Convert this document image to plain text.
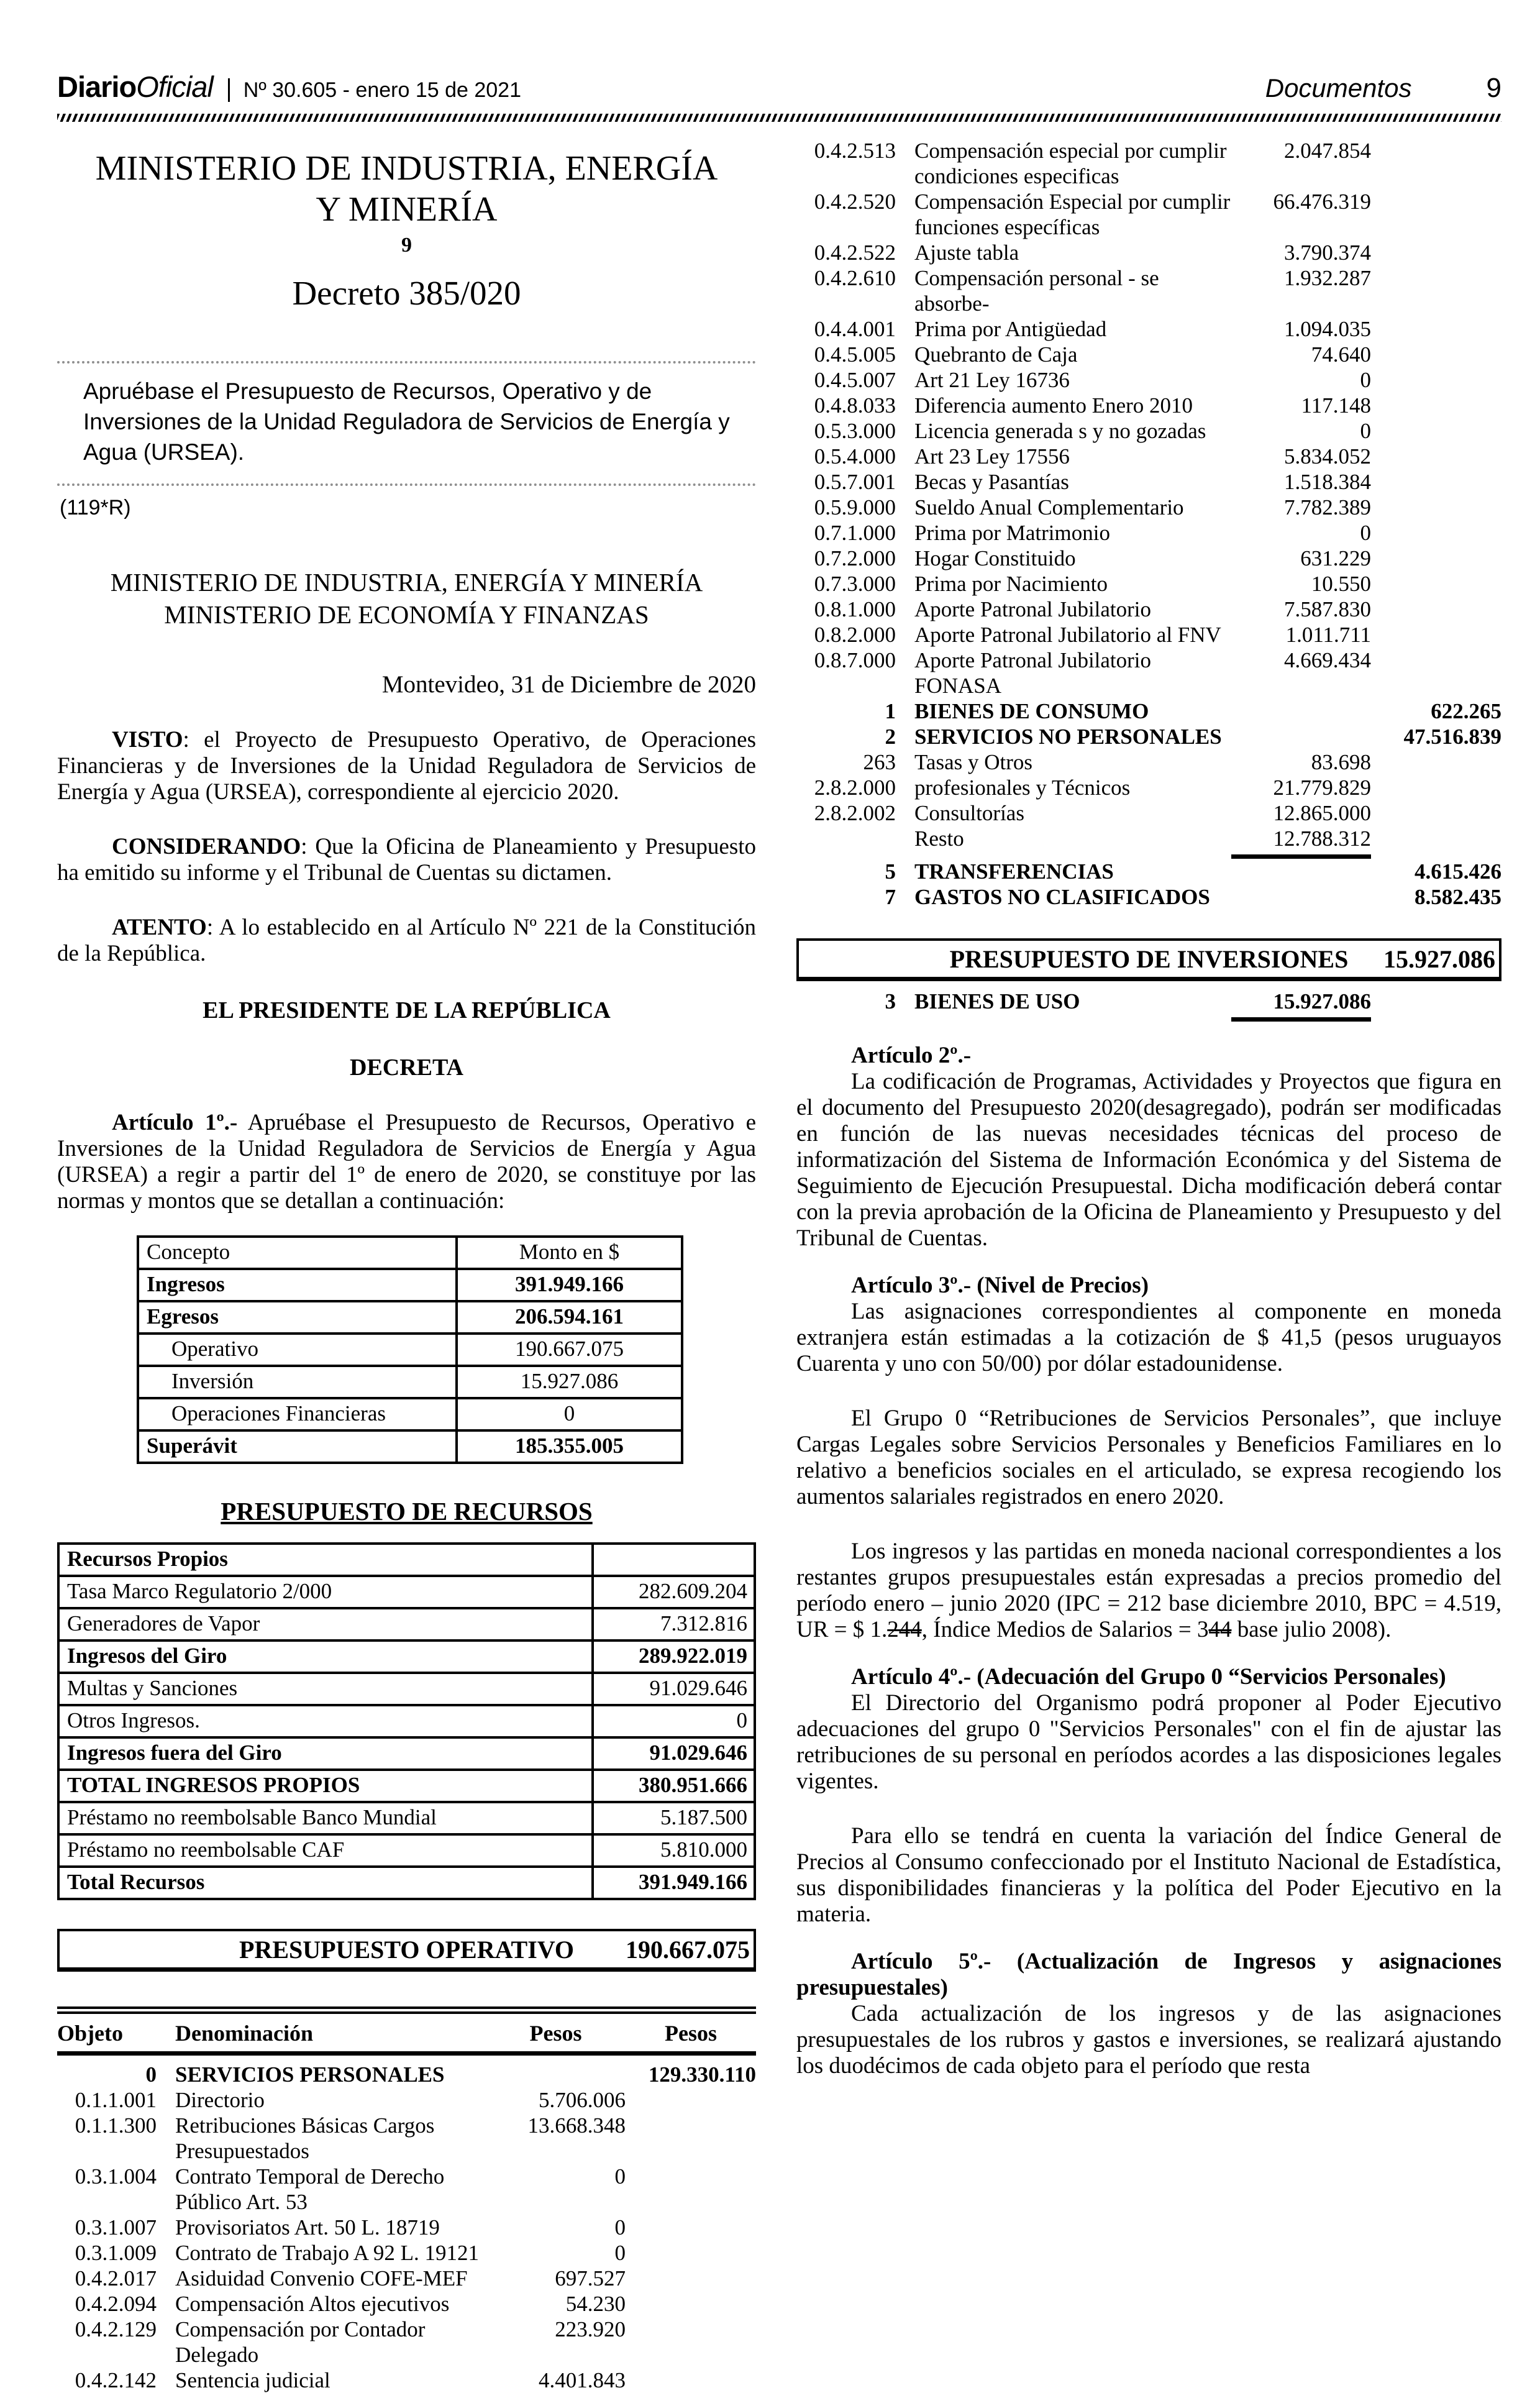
DiarioOficial Nº 30.605 - enero 15 de 2021	Documentos	9
MINISTERIO DE INDUSTRIA, ENERGÍA Y MINERÍA
9
Decreto 385/020
Apruébase el Presupuesto de Recursos, Operativo y de Inversiones de la Unidad Reguladora de Servicios de Energía y Agua (URSEA).
(119*R)
MINISTERIO DE INDUSTRIA, ENERGÍA Y MINERÍA
MINISTERIO DE ECONOMÍA Y FINANZAS
Montevideo, 31 de Diciembre de 2020

VISTO: el Proyecto de Presupuesto Operativo, de Operaciones Financieras y de Inversiones de la Unidad Reguladora de Servicios de Energía y Agua (URSEA), correspondiente al ejercicio 2020.

CONSIDERANDO: Que la Oficina de Planeamiento y Presupuesto ha emitido su informe y el Tribunal de Cuentas su dictamen.

ATENTO: A lo establecido en al Artículo Nº 221 de la Constitución de la República.

EL PRESIDENTE DE LA REPÚBLICA
DECRETA

Artículo 1º.- Apruébase el Presupuesto de Recursos, Operativo e Inversiones de la Unidad Reguladora de Servicios de Energía y Agua (URSEA) a regir a partir del 1º de enero de 2020, se constituye por las normas y montos que se detallan a continuación:

Concepto	Monto en $
Ingresos	391.949.166
Egresos	206.594.161
Operativo	190.667.075
Inversión	15.927.086
Operaciones Financieras	0
Superávit	185.355.005
PRESUPUESTO DE RECURSOS
Recursos Propios	
Tasa Marco Regulatorio 2/000	282.609.204
Generadores de Vapor	7.312.816
Ingresos del Giro	289.922.019
Multas y Sanciones	91.029.646
Otros Ingresos.	0
Ingresos fuera del Giro	91.029.646
TOTAL INGRESOS PROPIOS	380.951.666
Préstamo no reembolsable Banco Mundial	5.187.500
Préstamo no reembolsable CAF	5.810.000
Total Recursos	391.949.166
PRESUPUESTO OPERATIVO	190.667.075
Objeto	Denominación	Pesos	Pesos
0 SERVICIOS PERSONALES	129.330.110
0.1.1.001 Directorio	5.706.006
0.1.1.300 Retribuciones Básicas Cargos Presupuestados
13.668.348
0.3.1.004 Contrato Temporal de Derecho Público Art. 53
0
0.3.1.007 Provisoriatos Art. 50 L. 18719	0
0.3.1.009 Contrato de Trabajo A 92 L. 19121	0
0.4.2.017 Asiduidad Convenio COFE-MEF	697.527
0.4.2.094 Compensación Altos ejecutivos	54.230
0.4.2.129 Compensación por Contador Delegado
223.920
0.4.2.142 Sentencia judicial	4.401.843
0.4.2.513 Compensación especial por cumplir condiciones especificas
2.047.854
0.4.2.520 Compensación Especial por cumplir funciones específicas
66.476.319
0.4.2.522 Ajuste tabla	3.790.374
0.4.2.610 Compensación personal - se absorbe-
1.932.287
0.4.4.001 Prima por Antigüedad	1.094.035
0.4.5.005 Quebranto de Caja	74.640
0.4.5.007 Art 21 Ley 16736	0
0.4.8.033 Diferencia aumento Enero 2010	117.148
0.5.3.000 Licencia generada s y no gozadas	0
0.5.4.000 Art 23 Ley 17556	5.834.052
0.5.7.001 Becas y Pasantías	1.518.384
0.5.9.000 Sueldo Anual Complementario	7.782.389
0.7.1.000 Prima por Matrimonio	0
0.7.2.000 Hogar Constituido	631.229
0.7.3.000 Prima por Nacimiento	10.550
0.8.1.000 Aporte Patronal Jubilatorio	7.587.830
0.8.2.000 Aporte Patronal Jubilatorio al FNV	1.011.711
0.8.7.000 Aporte Patronal Jubilatorio FONASA
4.669.434
1 BIENES DE CONSUMO	622.265
2 SERVICIOS NO PERSONALES	47.516.839
263 Tasas y Otros	83.698
2.8.2.000 profesionales y Técnicos	21.779.829
2.8.2.002 Consultorías	12.865.000
Resto	12.788.312
5 TRANSFERENCIAS	4.615.426
7 GASTOS NO CLASIFICADOS	8.582.435
PRESUPUESTO DE INVERSIONES	15.927.086
3 BIENES DE USO	15.927.086

Artículo 2º.-

La codificación de Programas, Actividades y Proyectos que figura en el documento del Presupuesto 2020(desagregado), podrán ser modificadas en función de las nuevas necesidades técnicas del proceso de informatización del Sistema de Información Económica y del Sistema de Seguimiento de Ejecución Presupuestal. Dicha modificación deberá contar con la previa aprobación de la Oficina de Planeamiento y Presupuesto y del Tribunal de Cuentas.

Artículo 3º.- (Nivel de Precios)

Las asignaciones correspondientes al componente en moneda extranjera están estimadas a la cotización de $ 41,5 (pesos uruguayos Cuarenta y uno con 50/00) por dólar estadounidense.

El Grupo 0 “Retribuciones de Servicios Personales”, que incluye Cargas Legales sobre Servicios Personales y Beneficios Familiares en lo relativo a beneficios sociales en el articulado, se expresa recogiendo los aumentos salariales registrados en enero 2020.

Los ingresos y las partidas en moneda nacional correspondientes a los restantes grupos presupuestales están expresadas a precios promedio del período enero – junio 2020 (IPC = 212 base diciembre 2010, BPC = 4.519, UR = $ 1.244, Índice Medios de Salarios = 344 base julio 2008).

Artículo 4º.- (Adecuación del Grupo 0 “Servicios Personales)

El Directorio del Organismo podrá proponer al Poder Ejecutivo adecuaciones del grupo 0 "Servicios Personales" con el fin de ajustar las retribuciones de su personal en períodos acordes a las disposiciones legales vigentes.

Para ello se tendrá en cuenta la variación del Índice General de Precios al Consumo confeccionado por el Instituto Nacional de Estadística, sus disponibilidades financieras y la política del Poder Ejecutivo en la materia.

Artículo 5º.- (Actualización de Ingresos y asignaciones presupuestales)

Cada actualización de los ingresos y de las asignaciones presupuestales de los rubros y gastos e inversiones, se realizará ajustando los duodécimos de cada objeto para el período que resta
